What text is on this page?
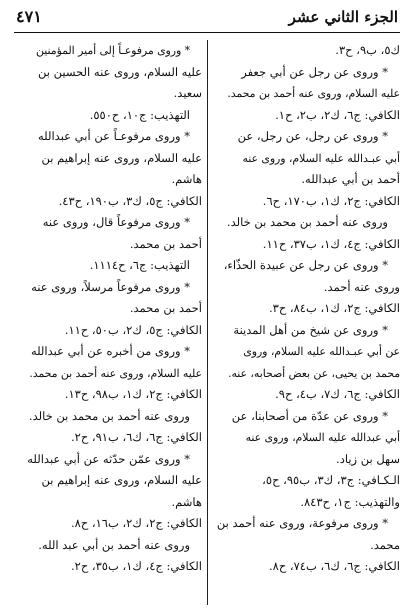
الجزء الثاني عشر
٤٧١
ك٥، ب٩، ح٣.
* وروى عن رجل عن أبي جعفر
عليه السلام، وروى عنه أحمد بن محمد.
الكافي: ج٦، ك٢، ب٢، ح١.
* وروى عن رجل، عن رجل، عن
أبي عبـدالله عليه السلام، وروى عنه
أحمد بن أبي عبدالله.
الكافي: ج٢، ك١، ب١٧٠، ح٦.
وروى عنه أحمد بن محمد بن خالد.
الكافي: ج٤، ك١، ب٣٧، ح١١.
* وروى عن رجل عن عبيدة الحذّاء،
وروى عنه أحمد.
الكافي: ج٢، ك١، ب٨٤، ح٣.
* وروى عن شيخ من أهل المدينة
عن أبي عبـدالله عليه السلام، وروى
محمد بن يحيى، عن بعض أصحابه، عنه.
الكافي: ج٦، ك٧، ب٤، ح٩.
* وروى عن عدّة من أصحابنا، عن
أبي عبدالله عليه السلام، وروى عنه
سهل بن زياد.
الـكـافي: ج٣، ك٣، ب٩٥، ح٥،
والتهذيب: ج١، ح٨٤٣.
* وروى مرفوعة، وروى عنه أحمد بن
محمد.
الكافي: ج٦، ك٦، ب٧٤، ح٨.
* وروى مرفوعـاً إلى أمير المؤمنين
عليه السلام، وروى عنه الحسين بن
سعيد.
التهذيب: ج١٠، ح٥٥٠.
* وروى مرفوعـاً عن أبي عبدالله
عليه السلام، وروى عنه إبراهيم بن
هاشم.
الكافي: ج٥، ك٣، ب١٩٠، ح٤٣.
* وروى مرفوعاً قال، وروى عنه
أحمد بن محمد.
التهذيب: ج٦، ح١١١٤.
* وروى مرفوعاً مرسلاً، وروى عنه
أحمد بن محمد.
الكافي: ج٥، ك٢، ب٥٠، ح١١.
* وروى من أخبره عن أبي عبدالله
عليه السلام، وروى عنه أحمد بن محمد.
الكافي: ج٢، ك١، ب٩٨، ح١٣.
وروى عنه أحمد بن محمد بن خالد.
الكافي: ج٦، ك٦، ب٩١، ح٢.
* وروى عمّن حدّثه عن أبي عبدالله
عليه السلام، وروى عنه إبراهيم بن
هاشم.
الكافي: ج٢، ك٢، ب١٦، ح٨.
وروى عنه أحمد بن أبي عبد الله.
الكافي: ج٤، ك١، ب٣٥، ح٢.
